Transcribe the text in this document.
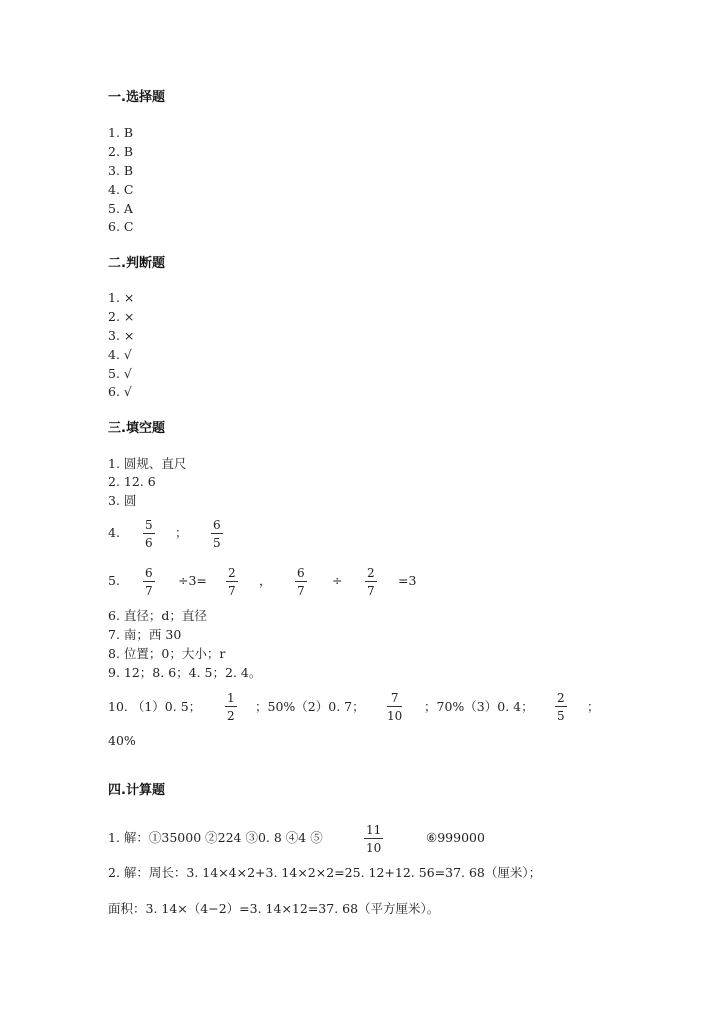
一.选择题
1. B
2. B
3. B
4. C
5. A
6. C
二.判断题
1. ×
2. ×
3. ×
4. √
5. √
6. √
三.填空题
1. 圆规、直尺
2. 12. 6
3. 圆
4. 5
6
； 6
5
5. 6
7
÷3= 2
7
， 6
7
÷ 2
7
=3
6. 直径；d；直径
7. 南；西 30
8. 位置；0；大小；r
9. 12；8. 6；4. 5；2. 4。
10. （1）0. 5；
1
2
；50%（2）0. 7；
7
10
；70%（3）0. 4；
2
5
；
40%
四.计算题
1. 解：①35000 ②224 ③0. 8 ④4 ⑤	11
10
⑥999000
2. 解：周长：3. 14×4×2+3. 14×2×2=25. 12+12. 56=37. 68（厘米）；
面积：3. 14×（4−2）=3. 14×12=37. 68（平方厘米）。
